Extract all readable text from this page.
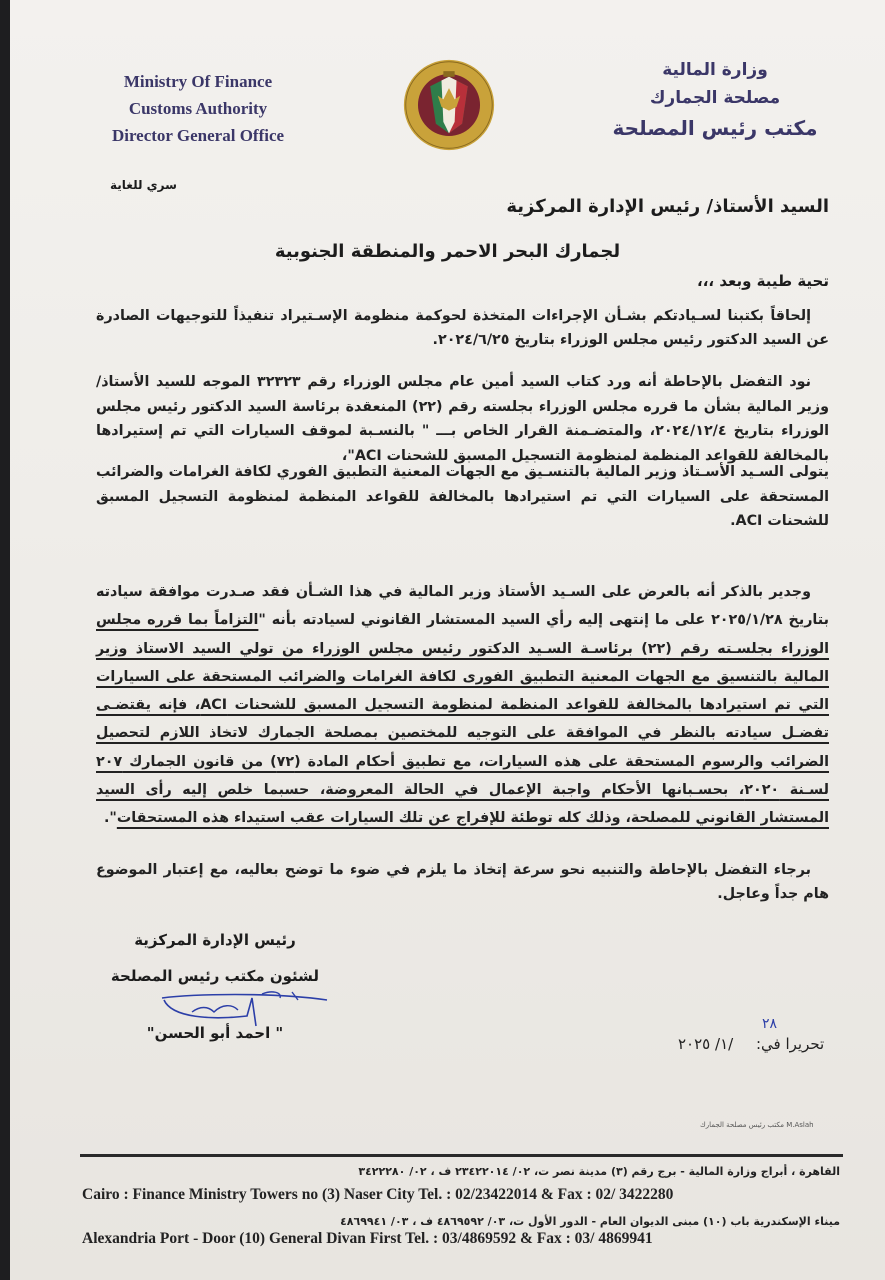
Ministry Of Finance
Customs Authority
Director General Office
وزارة المالية
مصلحة الجمارك
مكتب رئيس المصلحة
سري للغاية
السيد الأستاذ/ رئيس الإدارة المركزية
لجمارك البحر الاحمر والمنطقة الجنوبية
تحية طيبة وبعد ،،،
إلحاقاً بكتبنا لسـيادتكم بشـأن الإجراءات المتخذة لحوكمة منظومة الإسـتيراد تنفيذاً للتوجيهات الصادرة عن السيد الدكتور رئيس مجلس الوزراء بتاريخ ٢٠٢٤/٦/٢٥.
نود التفضل بالإحاطة أنه ورد كتاب السيد أمين عام مجلس الوزراء رقم ٣٢٣٢٣ الموجه للسيد الأستاذ/ وزير المالية بشأن ما قرره مجلس الوزراء بجلسته رقم (٢٢) المنعقدة برئاسة السيد الدكتور رئيس مجلس الوزراء بتاريخ ٢٠٢٤/١٢/٤، والمتضـمنة القرار الخاص بـــ " بالنسـبة لموقف السيارات التي تم إستيرادها بالمخالفة للقواعد المنظمة لمنظومة التسجيل المسبق للشحنات ACI"،
يتولى السـيد الأسـتاذ وزير المالية بالتنسـيق مع الجهات المعنية التطبيق الفوري لكافة الغرامات والضرائب المستحقة على السيارات التي تم استيرادها بالمخالفة للقواعد المنظمة لمنظومة التسجيل المسبق للشحنات ACI.
وجدير بالذكر أنه بالعرض على السـيد الأستاذ وزير المالية في هذا الشـأن فقد صـدرت موافقة سيادته بتاريخ ٢٠٢٥/١/٢٨ على ما إنتهى إليه رأي السيد المستشار القانوني لسيادته بأنه "التزاماً بما قرره مجلس الوزراء بجلسـته رقم (٢٢) برئاسـة السـيد الدكتور رئيس مجلس الوزراء من تولي السيد الاستاذ وزير المالية بالتنسيق مع الجهات المعنية التطبيق الفورى لكافة الغرامات والضرائب المستحقة على السيارات التي تم استيرادها بالمخالفة للقواعد المنظمة لمنظومة التسجيل المسبق للشحنات ACI، فإنه يقتضـى تفضـل سيادته بالنظر في الموافقة على التوجيه للمختصين بمصلحة الجمارك لاتخاذ اللازم لتحصيل الضرائب والرسوم المستحقة على هذه السيارات، مع تطبيق أحكام المادة (٧٢) من قانون الجمارك ٢٠٧ لسـنة ٢٠٢٠، بحسـبانها الأحكام واجبة الإعمال في الحالة المعروضة، حسبما خلص إليه رأى السيد المستشار القانوني للمصلحة، وذلك كله توطئة للإفراج عن تلك السيارات عقب استيداء هذه المستحقات".
برجاء التفضل بالإحاطة والتنبيه نحو سرعة إتخاذ ما يلزم في ضوء ما توضح بعاليه، مع إعتبار الموضوع هام جداً وعاجل.
رئيس الإدارة المركزية
لشئون مكتب رئيس المصلحة
" احمد أبو الحسن"	٢٨
تحريرا في: /١/ ٢٠٢٥
M.Aslah مكتب رئيس مصلحة الجمارك
القاهرة ، أبراج وزارة المالية - برج رقم (٣) مدينة نصر ت، ٠٢/ ٢٣٤٢٢٠١٤ ف ، ٠٢/ ٣٤٢٢٢٨٠
Cairo : Finance Ministry Towers no (3) Naser City Tel. : 02/23422014 & Fax : 02/ 3422280
ميناء الإسكندرية باب (١٠) مبنى الديوان العام - الدور الأول ت، ٠٣/ ٤٨٦٩٥٩٢ ف ، ٠٣/ ٤٨٦٩٩٤١
Alexandria Port - Door (10) General Divan First Tel. : 03/4869592 & Fax : 03/ 4869941
